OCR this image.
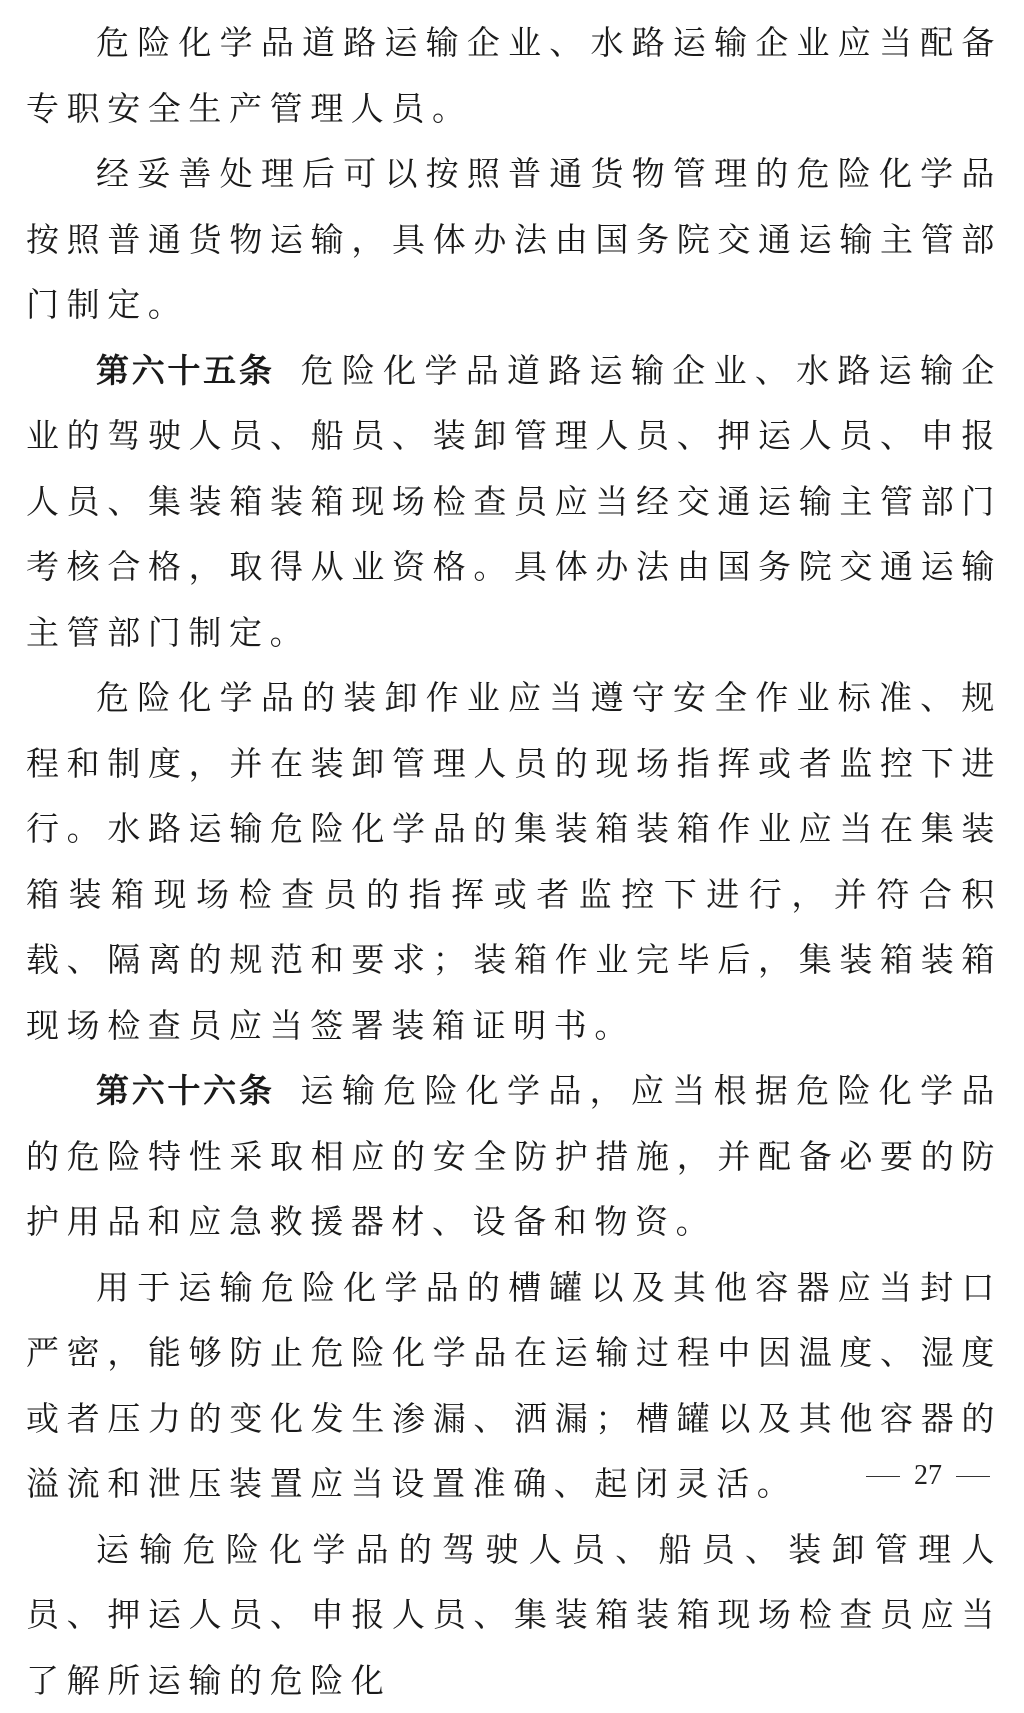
危险化学品道路运输企业、水路运输企业应当配备专职安全生产管理人员。

经妥善处理后可以按照普通货物管理的危险化学品按照普通货物运输，具体办法由国务院交通运输主管部门制定。

第六十五条 危险化学品道路运输企业、水路运输企业的驾驶人员、船员、装卸管理人员、押运人员、申报人员、集装箱装箱现场检查员应当经交通运输主管部门考核合格，取得从业资格。具体办法由国务院交通运输主管部门制定。

危险化学品的装卸作业应当遵守安全作业标准、规程和制度，并在装卸管理人员的现场指挥或者监控下进行。水路运输危险化学品的集装箱装箱作业应当在集装箱装箱现场检查员的指挥或者监控下进行，并符合积载、隔离的规范和要求；装箱作业完毕后，集装箱装箱现场检查员应当签署装箱证明书。

第六十六条 运输危险化学品，应当根据危险化学品的危险特性采取相应的安全防护措施，并配备必要的防护用品和应急救援器材、设备和物资。

用于运输危险化学品的槽罐以及其他容器应当封口严密，能够防止危险化学品在运输过程中因温度、湿度或者压力的变化发生渗漏、洒漏；槽罐以及其他容器的溢流和泄压装置应当设置准确、起闭灵活。

运输危险化学品的驾驶人员、船员、装卸管理人员、押运人员、申报人员、集装箱装箱现场检查员应当了解所运输的危险化

27
